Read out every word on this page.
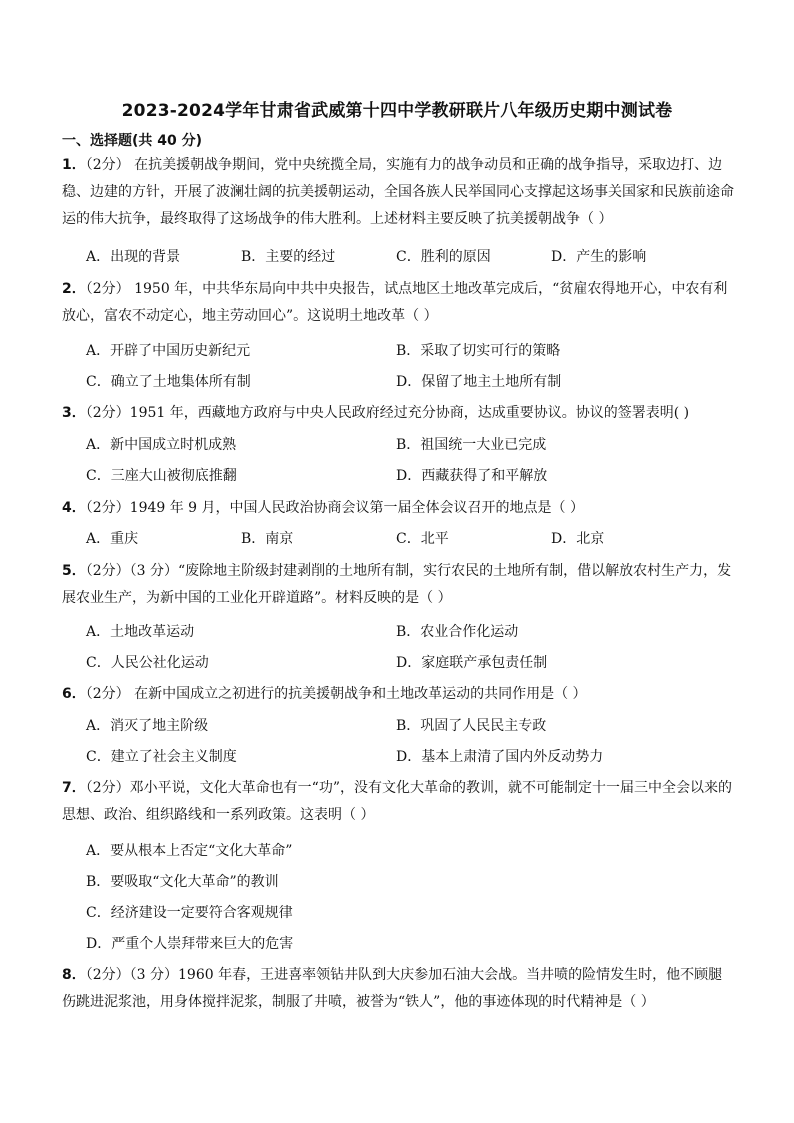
2023-2024学年甘肃省武威第十四中学教研联片八年级历史期中测试卷
一、选择题(共 40 分)
1．（2分） 在抗美援朝战争期间，党中央统揽全局，实施有力的战争动员和正确的战争指导，采取边打、边稳、边建的方针，开展了波澜壮阔的抗美援朝运动，全国各族人民举国同心支撑起这场事关国家和民族前途命运的伟大抗争，最终取得了这场战争的伟大胜利。上述材料主要反映了抗美援朝战争（ ）
A．出现的背景	B．主要的经过	C．胜利的原因	D．产生的影响
2．（2分） 1950 年，中共华东局向中共中央报告，试点地区土地改革完成后，“贫雇农得地开心，中农有利放心，富农不动定心，地主劳动回心”。这说明土地改革（ ）
A．开辟了中国历史新纪元	B．采取了切实可行的策略
C．确立了土地集体所有制	D．保留了地主土地所有制
3．（2分）1951 年，西藏地方政府与中央人民政府经过充分协商，达成重要协议。协议的签署表明( )
A．新中国成立时机成熟	B．祖国统一大业已完成
C．三座大山被彻底推翻	D．西藏获得了和平解放
4．（2分）1949 年 9 月，中国人民政治协商会议第一届全体会议召开的地点是（ ）
A．重庆	B．南京	C．北平	D．北京
5．（2分）（3 分）“废除地主阶级封建剥削的土地所有制，实行农民的土地所有制，借以解放农村生产力，发展农业生产，为新中国的工业化开辟道路”。材料反映的是（ ）
A．土地改革运动	B．农业合作化运动
C．人民公社化运动	D．家庭联产承包责任制
6．（2分） 在新中国成立之初进行的抗美援朝战争和土地改革运动的共同作用是（ ）
A．消灭了地主阶级	B．巩固了人民民主专政
C．建立了社会主义制度	D．基本上肃清了国内外反动势力
7．（2分）邓小平说，文化大革命也有一“功”，没有文化大革命的教训，就不可能制定十一届三中全会以来的思想、政治、组织路线和一系列政策。这表明（ ）
A．要从根本上否定“文化大革命”
B．要吸取“文化大革命”的教训
C．经济建设一定要符合客观规律
D．严重个人崇拜带来巨大的危害
8．（2分）（3 分）1960 年春，王进喜率领钻井队到大庆参加石油大会战。当井喷的险情发生时，他不顾腿伤跳进泥浆池，用身体搅拌泥浆，制服了井喷，被誉为“铁人”，他的事迹体现的时代精神是（ ）
